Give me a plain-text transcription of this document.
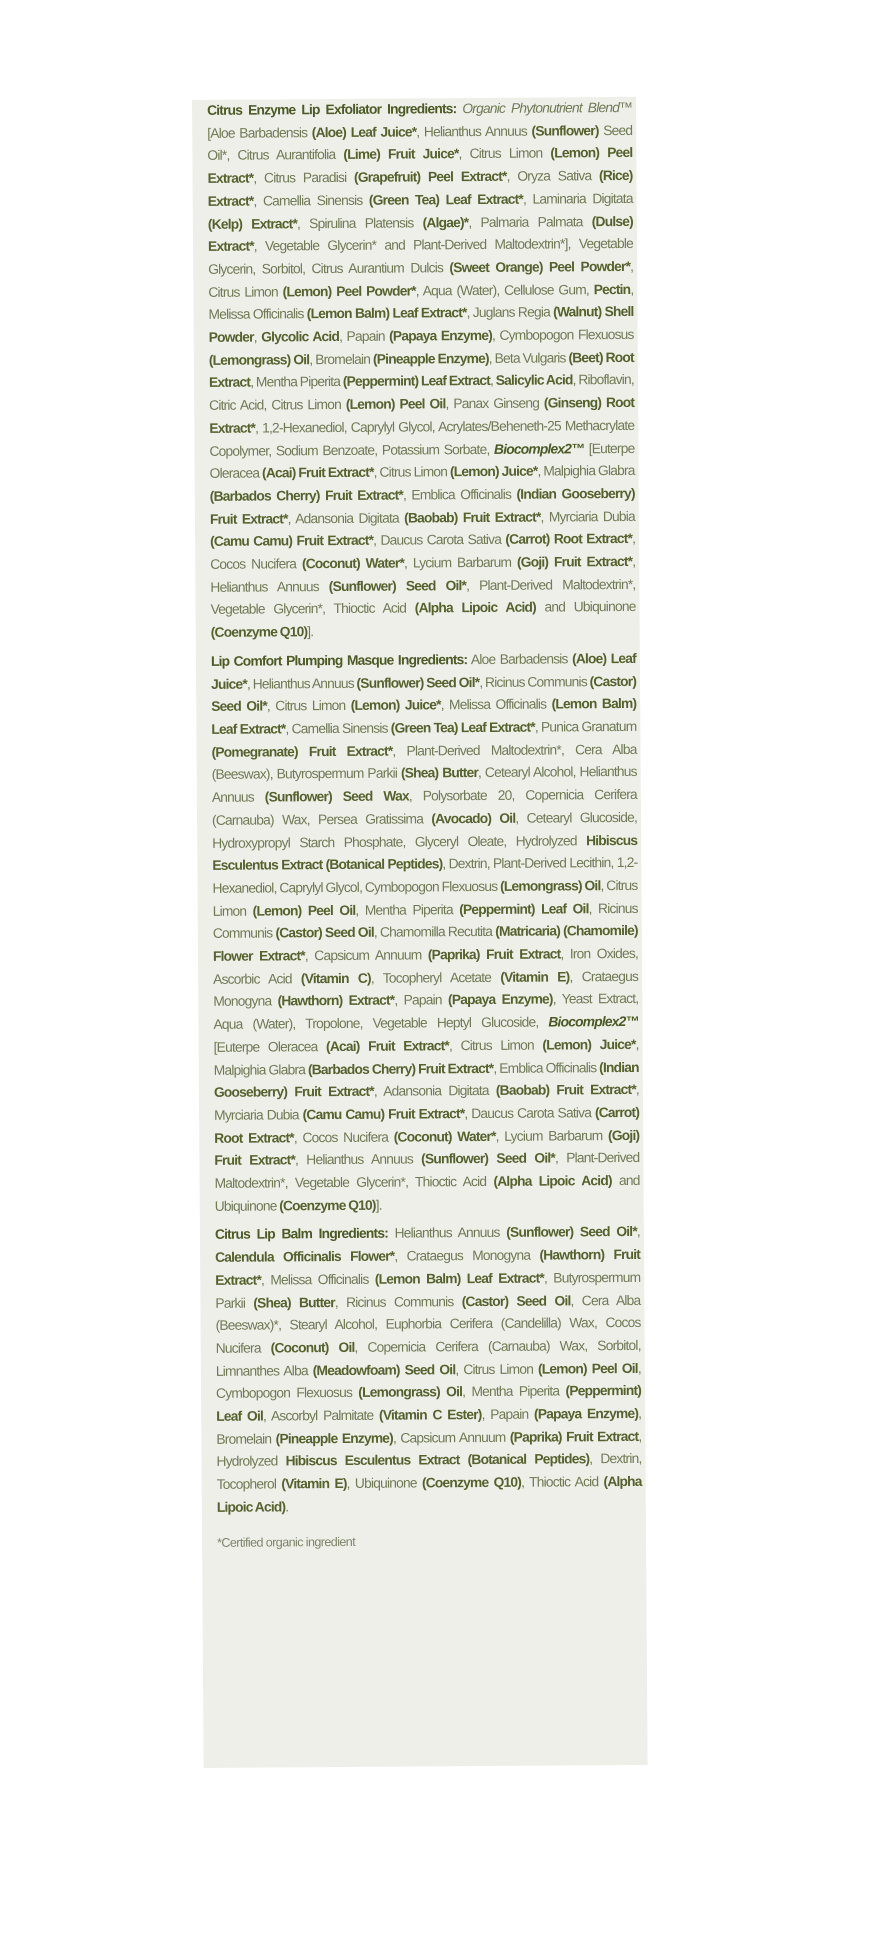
Citrus Enzyme Lip Exfoliator Ingredients: Organic Phytonutrient Blend™ [Aloe Barbadensis (Aloe) Leaf Juice*, Helianthus Annuus (Sunflower) Seed Oil*, Citrus Aurantifolia (Lime) Fruit Juice*, Citrus Limon (Lemon) Peel Extract*, Citrus Paradisi (Grapefruit) Peel Extract*, Oryza Sativa (Rice) Extract*, Camellia Sinensis (Green Tea) Leaf Extract*, Laminaria Digitata (Kelp) Extract*, Spirulina Platensis (Algae)*, Palmaria Palmata (Dulse) Extract*, Vegetable Glycerin* and Plant-Derived Maltodextrin*], Vegetable Glycerin, Sorbitol, Citrus Aurantium Dulcis (Sweet Orange) Peel Powder*, Citrus Limon (Lemon) Peel Powder*, Aqua (Water), Cellulose Gum, Pectin, Melissa Officinalis (Lemon Balm) Leaf Extract*, Juglans Regia (Walnut) Shell Powder, Glycolic Acid, Papain (Papaya Enzyme), Cymbopogon Flexuosus (Lemongrass) Oil, Bromelain (Pineapple Enzyme), Beta Vulgaris (Beet) Root Extract, Mentha Piperita (Peppermint) Leaf Extract, Salicylic Acid, Riboflavin, Citric Acid, Citrus Limon (Lemon) Peel Oil, Panax Ginseng (Ginseng) Root Extract*, 1,2-Hexanediol, Caprylyl Glycol, Acrylates/Beheneth-25 Methacrylate Copolymer, Sodium Benzoate, Potassium Sorbate, Biocomplex2™ [Euterpe Oleracea (Acai) Fruit Extract*, Citrus Limon (Lemon) Juice*, Malpighia Glabra (Barbados Cherry) Fruit Extract*, Emblica Officinalis (Indian Gooseberry) Fruit Extract*, Adansonia Digitata (Baobab) Fruit Extract*, Myrciaria Dubia (Camu Camu) Fruit Extract*, Daucus Carota Sativa (Carrot) Root Extract*, Cocos Nucifera (Coconut) Water*, Lycium Barbarum (Goji) Fruit Extract*, Helianthus Annuus (Sunflower) Seed Oil*, Plant-Derived Maltodextrin*, Vegetable Glycerin*, Thioctic Acid (Alpha Lipoic Acid) and Ubiquinone (Coenzyme Q10)].

Lip Comfort Plumping Masque Ingredients: Aloe Barbadensis (Aloe) Leaf Juice*, Helianthus Annuus (Sunflower) Seed Oil*, Ricinus Communis (Castor) Seed Oil*, Citrus Limon (Lemon) Juice*, Melissa Officinalis (Lemon Balm) Leaf Extract*, Camellia Sinensis (Green Tea) Leaf Extract*, Punica Granatum (Pomegranate) Fruit Extract*, Plant-Derived Maltodextrin*, Cera Alba (Beeswax), Butyrospermum Parkii (Shea) Butter, Cetearyl Alcohol, Helianthus Annuus (Sunflower) Seed Wax, Polysorbate 20, Copernicia Cerifera (Carnauba) Wax, Persea Gratissima (Avocado) Oil, Cetearyl Glucoside, Hydroxypropyl Starch Phosphate, Glyceryl Oleate, Hydrolyzed Hibiscus Esculentus Extract (Botanical Peptides), Dextrin, Plant-Derived Lecithin, 1,2-Hexanediol, Caprylyl Glycol, Cymbopogon Flexuosus (Lemongrass) Oil, Citrus Limon (Lemon) Peel Oil, Mentha Piperita (Peppermint) Leaf Oil, Ricinus Communis (Castor) Seed Oil, Chamomilla Recutita (Matricaria) (Chamomile) Flower Extract*, Capsicum Annuum (Paprika) Fruit Extract, Iron Oxides, Ascorbic Acid (Vitamin C), Tocopheryl Acetate (Vitamin E), Crataegus Monogyna (Hawthorn) Extract*, Papain (Papaya Enzyme), Yeast Extract, Aqua (Water), Tropolone, Vegetable Heptyl Glucoside, Biocomplex2™ [Euterpe Oleracea (Acai) Fruit Extract*, Citrus Limon (Lemon) Juice*, Malpighia Glabra (Barbados Cherry) Fruit Extract*, Emblica Officinalis (Indian Gooseberry) Fruit Extract*, Adansonia Digitata (Baobab) Fruit Extract*, Myrciaria Dubia (Camu Camu) Fruit Extract*, Daucus Carota Sativa (Carrot) Root Extract*, Cocos Nucifera (Coconut) Water*, Lycium Barbarum (Goji) Fruit Extract*, Helianthus Annuus (Sunflower) Seed Oil*, Plant-Derived Maltodextrin*, Vegetable Glycerin*, Thioctic Acid (Alpha Lipoic Acid) and Ubiquinone (Coenzyme Q10)].

Citrus Lip Balm Ingredients: Helianthus Annuus (Sunflower) Seed Oil*, Calendula Officinalis Flower*, Crataegus Monogyna (Hawthorn) Fruit Extract*, Melissa Officinalis (Lemon Balm) Leaf Extract*, Butyrospermum Parkii (Shea) Butter, Ricinus Communis (Castor) Seed Oil, Cera Alba (Beeswax)*, Stearyl Alcohol, Euphorbia Cerifera (Candelilla) Wax, Cocos Nucifera (Coconut) Oil, Copernicia Cerifera (Carnauba) Wax, Sorbitol, Limnanthes Alba (Meadowfoam) Seed Oil, Citrus Limon (Lemon) Peel Oil, Cymbopogon Flexuosus (Lemongrass) Oil, Mentha Piperita (Peppermint) Leaf Oil, Ascorbyl Palmitate (Vitamin C Ester), Papain (Papaya Enzyme), Bromelain (Pineapple Enzyme), Capsicum Annuum (Paprika) Fruit Extract, Hydrolyzed Hibiscus Esculentus Extract (Botanical Peptides), Dextrin, Tocopherol (Vitamin E), Ubiquinone (Coenzyme Q10), Thioctic Acid (Alpha Lipoic Acid).

*Certified organic ingredient
